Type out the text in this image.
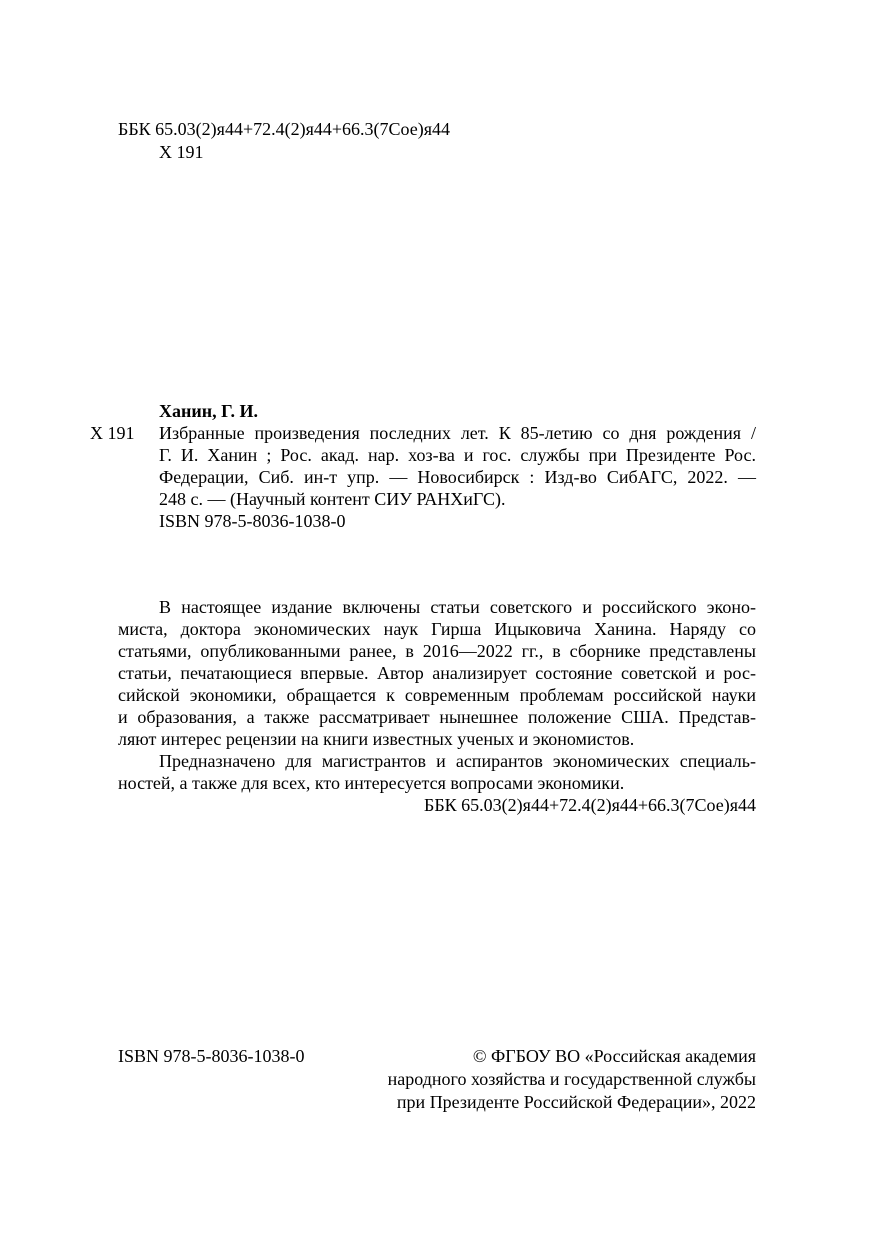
ББК 65.03(2)я44+72.4(2)я44+66.3(7Сое)я44
Х 191
Ханин, Г. И.
Х 191 Избранные произведения последних лет. К 85-летию со дня рождения /
Г. И. Ханин ; Рос. акад. нар. хоз-ва и гос. службы при Президенте Рос.
Федерации, Сиб. ин-т упр. — Новосибирск : Изд-во СибАГС, 2022. —
248 с. — (Научный контент СИУ РАНХиГС).
ISBN 978-5-8036-1038-0
В настоящее издание включены статьи советского и российского эконо-
миста, доктора экономических наук Гирша Ицыковича Ханина. Наряду со
статьями, опубликованными ранее, в 2016—2022 гг., в сборнике представлены
статьи, печатающиеся впервые. Автор анализирует состояние советской и рос-
сийской экономики, обращается к современным проблемам российской науки
и образования, а также рассматривает нынешнее положение США. Представ-
ляют интерес рецензии на книги известных ученых и экономистов.
Предназначено для магистрантов и аспирантов экономических специаль-
ностей, а также для всех, кто интересуется вопросами экономики.
ББК 65.03(2)я44+72.4(2)я44+66.3(7Сое)я44
ISBN 978-5-8036-1038-0	© ФГБОУ ВО «Российская академия
народного хозяйства и государственной службы
при Президенте Российской Федерации», 2022
